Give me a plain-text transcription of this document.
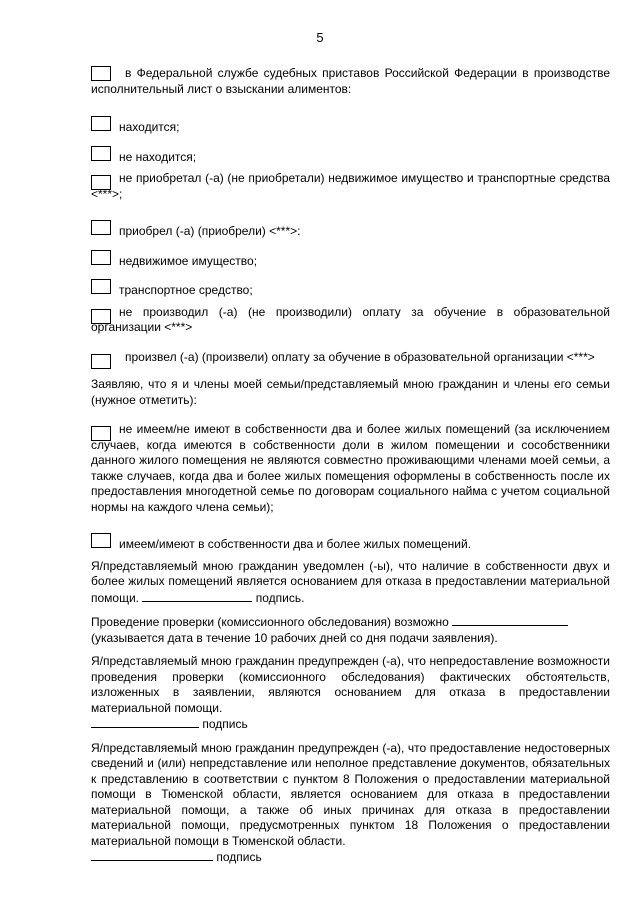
5
в Федеральной службе судебных приставов Российской Федерации в производстве исполнительный лист о взыскании алиментов:
находится;
не находится;
не приобретал (-а) (не приобретали) недвижимое имущество и транспортные средства <***>;
приобрел (-а) (приобрели) <***>:
недвижимое имущество;
транспортное средство;
не производил (-а) (не производили) оплату за обучение в образовательной организации <***>
произвел (-а) (произвели) оплату за обучение в образовательной организации <***>
Заявляю, что я и члены моей семьи/представляемый мною гражданин и члены его семьи (нужное отметить):
не имеем/не имеют в собственности два и более жилых помещений (за исключением случаев, когда имеются в собственности доли в жилом помещении и сособственники данного жилого помещения не являются совместно проживающими членами моей семьи, а также случаев, когда два и более жилых помещения оформлены в собственность после их предоставления многодетной семье по договорам социального найма с учетом социальной нормы на каждого члена семьи);
имеем/имеют в собственности два и более жилых помещений.
Я/представляемый мною гражданин уведомлен (-ы), что наличие в собственности двух и более жилых помещений является основанием для отказа в предоставлении материальной помощи.	подпись.
Проведение проверки (комиссионного обследования) возможно
(указывается дата в течение 10 рабочих дней со дня подачи заявления).
Я/представляемый мною гражданин предупрежден (-а), что непредоставление возможности проведения проверки (комиссионного обследования) фактических обстоятельств, изложенных в заявлении, являются основанием для отказа в предоставлении материальной помощи.
подпись
Я/представляемый мною гражданин предупрежден (-а), что предоставление недостоверных сведений и (или) непредставление или неполное представление документов, обязательных к представлению в соответствии с пунктом 8 Положения о предоставлении материальной помощи в Тюменской области, является основанием для отказа в предоставлении материальной помощи, а также об иных причинах для отказа в предоставлении материальной помощи, предусмотренных пунктом 18 Положения о предоставлении материальной помощи в Тюменской области.
подпись
